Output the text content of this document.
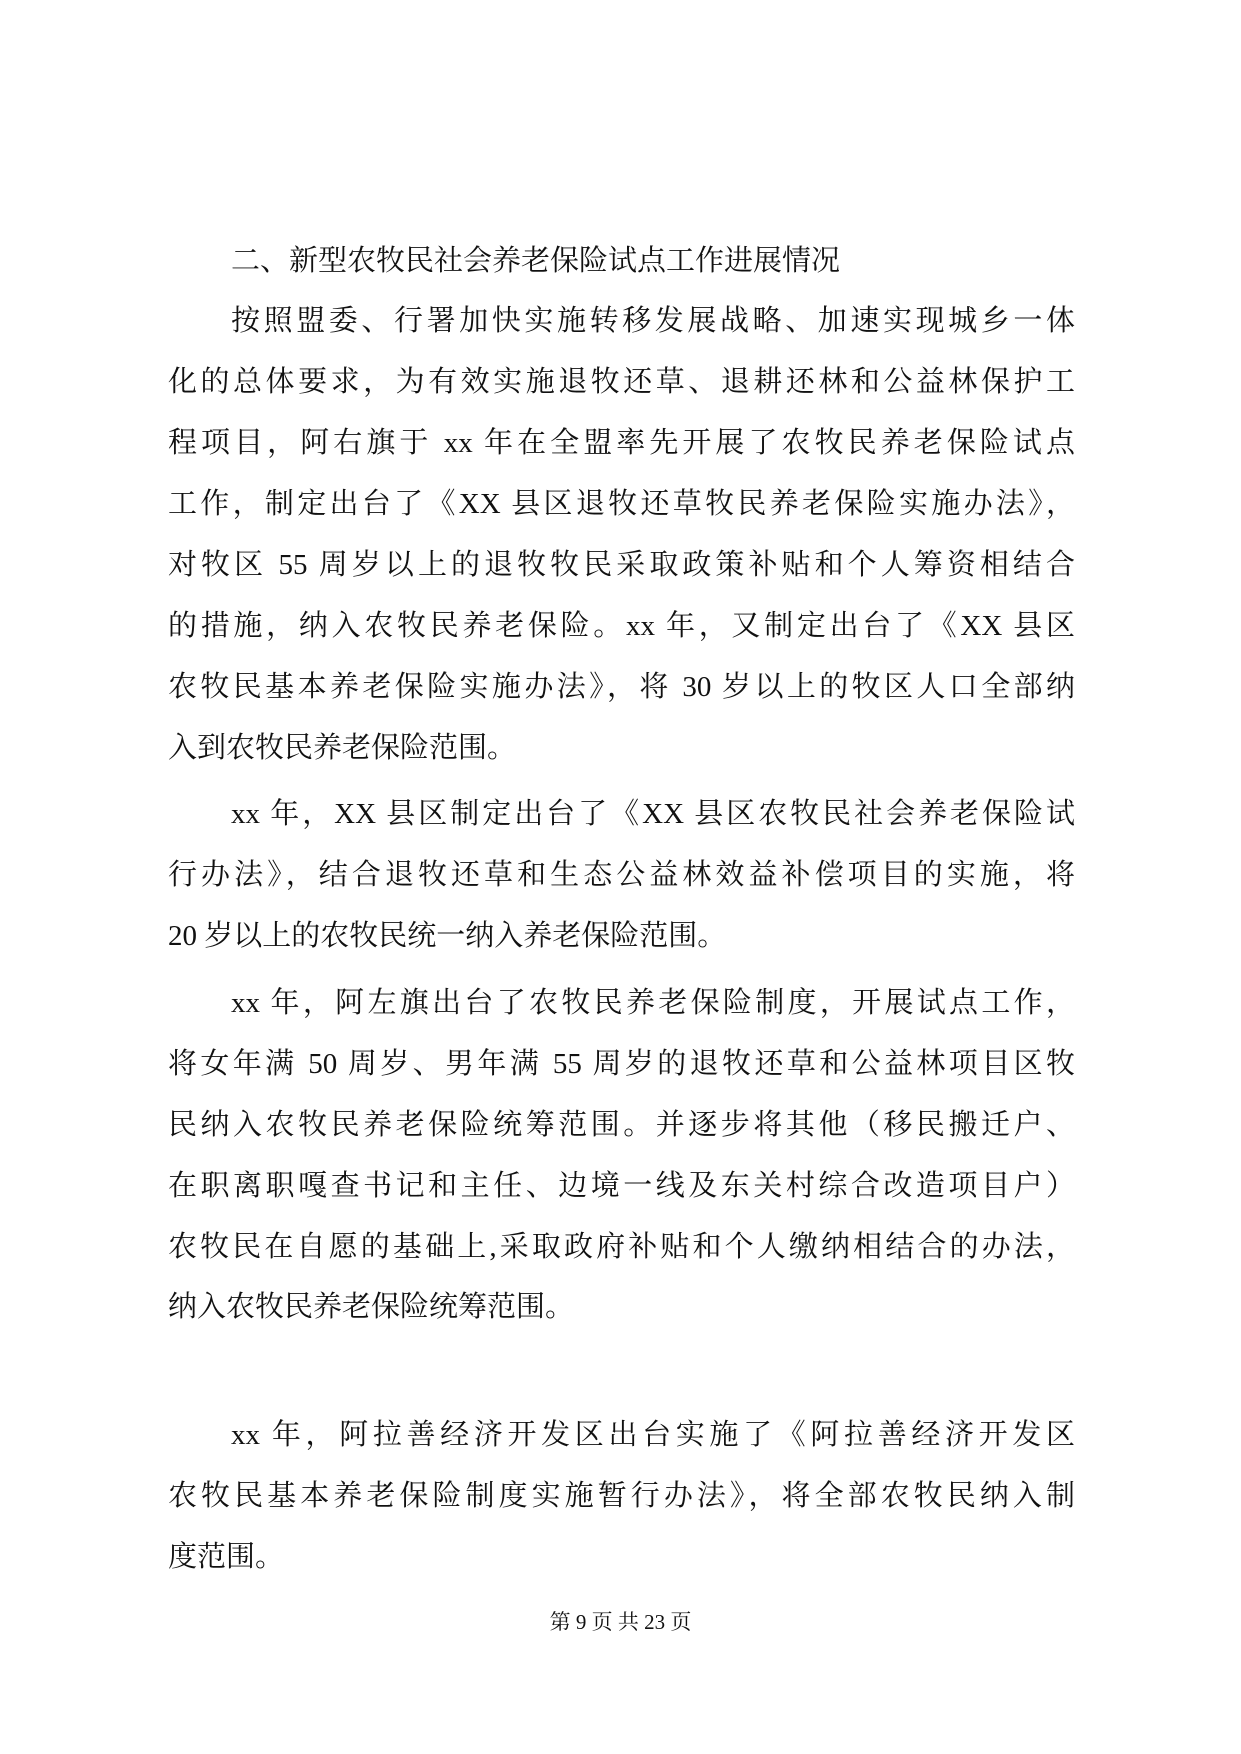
二、新型农牧民社会养老保险试点工作进展情况
按照盟委、行署加快实施转移发展战略、加速实现城乡一体
化的总体要求，为有效实施退牧还草、退耕还林和公益林保护工
程项目，阿右旗于 xx 年在全盟率先开展了农牧民养老保险试点
工作，制定出台了《XX 县区退牧还草牧民养老保险实施办法》，
对牧区 55 周岁以上的退牧牧民采取政策补贴和个人筹资相结合
的措施，纳入农牧民养老保险。xx 年，又制定出台了《XX 县区
农牧民基本养老保险实施办法》，将 30 岁以上的牧区人口全部纳
入到农牧民养老保险范围。
xx 年，XX 县区制定出台了《XX 县区农牧民社会养老保险试
行办法》，结合退牧还草和生态公益林效益补偿项目的实施，将
20 岁以上的农牧民统一纳入养老保险范围。
xx 年，阿左旗出台了农牧民养老保险制度，开展试点工作，
将女年满 50 周岁、男年满 55 周岁的退牧还草和公益林项目区牧
民纳入农牧民养老保险统筹范围。并逐步将其他（移民搬迁户、
在职离职嘎查书记和主任、边境一线及东关村综合改造项目户）
农牧民在自愿的基础上,采取政府补贴和个人缴纳相结合的办法，
纳入农牧民养老保险统筹范围。
xx 年，阿拉善经济开发区出台实施了《阿拉善经济开发区
农牧民基本养老保险制度实施暂行办法》，将全部农牧民纳入制
度范围。
第 9 页 共 23 页
